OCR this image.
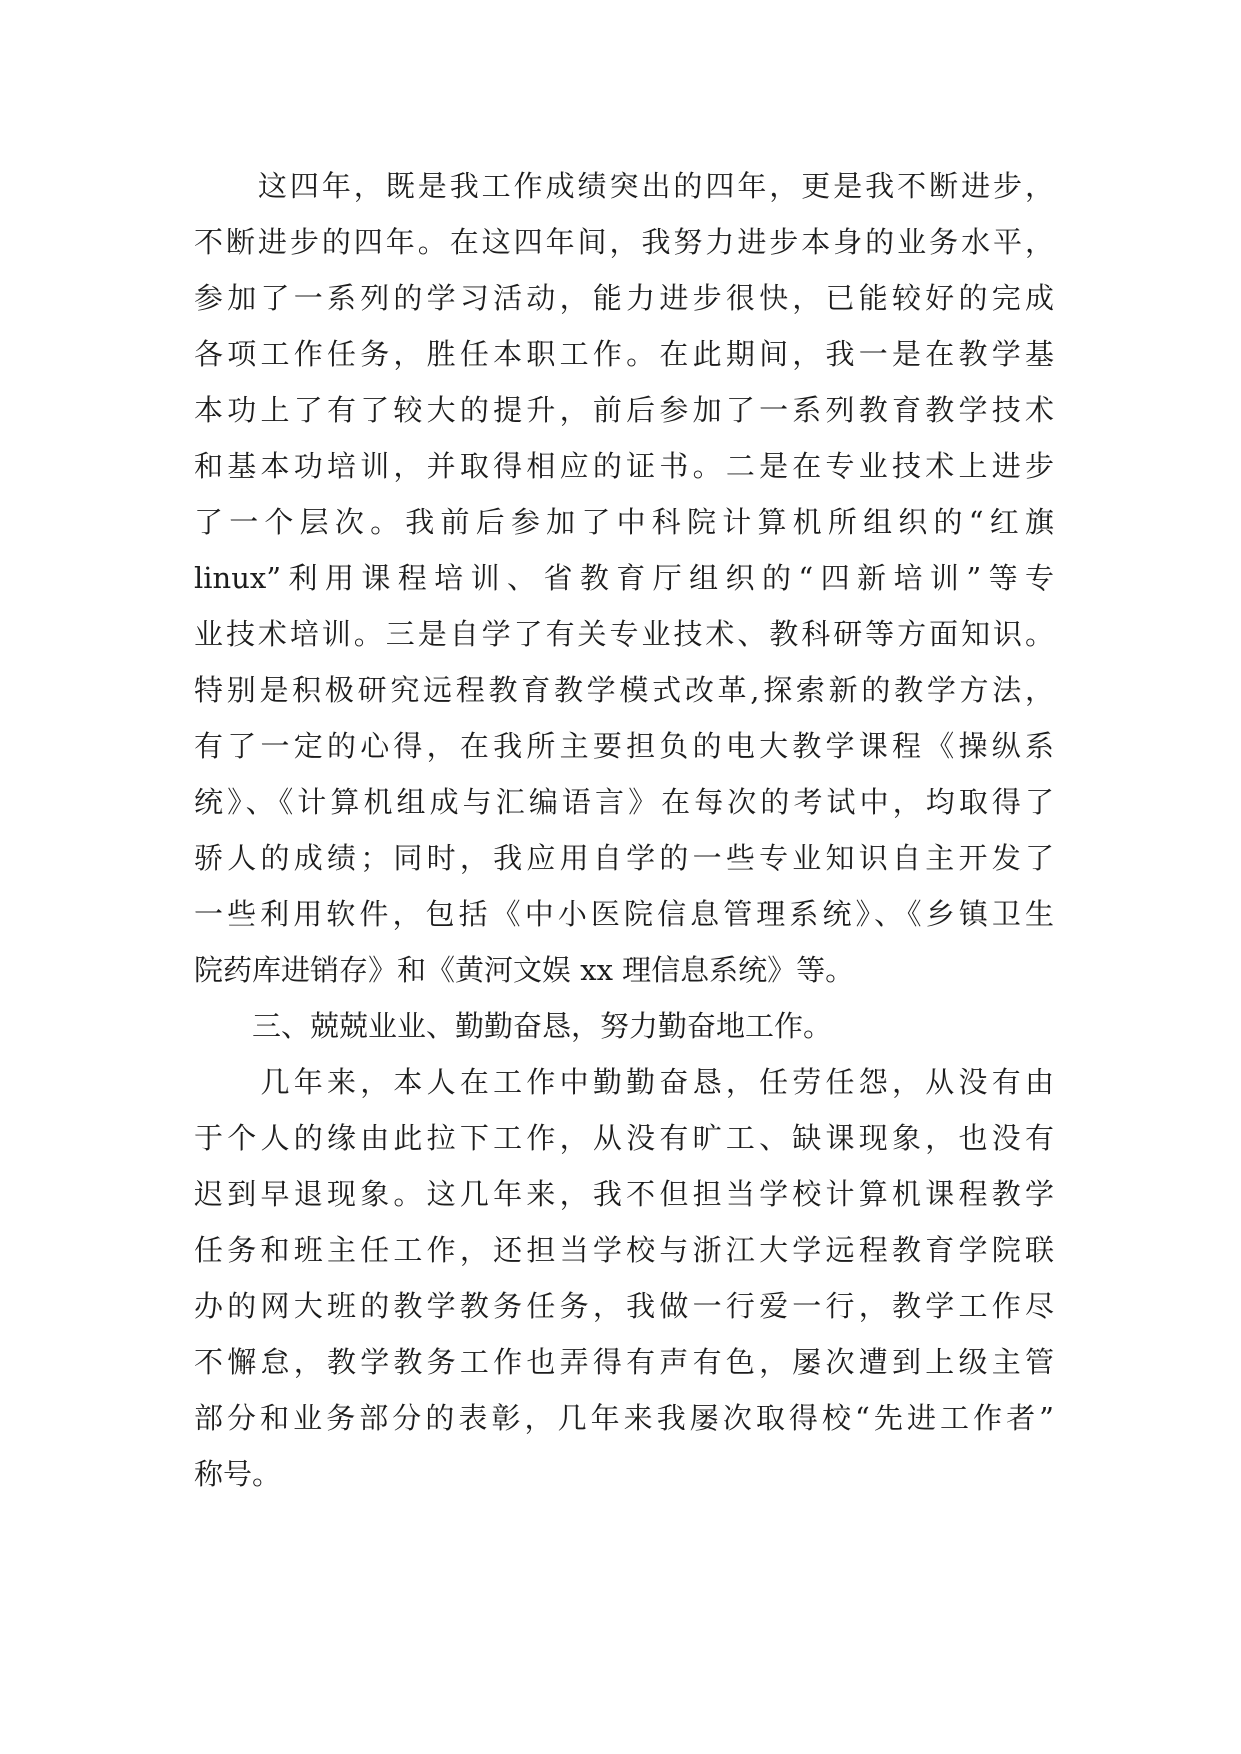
　　这四年，既是我工作成绩突出的四年，更是我不断进步，
不断进步的四年。在这四年间，我努力进步本身的业务水平，
参加了一系列的学习活动，能力进步很快，已能较好的完成
各项工作任务，胜任本职工作。在此期间，我一是在教学基
本功上了有了较大的提升，前后参加了一系列教育教学技术
和基本功培训，并取得相应的证书。二是在专业技术上进步
了一个层次。我前后参加了中科院计算机所组织的“红旗
linux”利用课程培训、省教育厅组织的“四新培训”等专
业技术培训。三是自学了有关专业技术、教科研等方面知识。
特别是积极研究远程教育教学模式改革,探索新的教学方法，
有了一定的心得，在我所主要担负的电大教学课程《操纵系
统》、《计算机组成与汇编语言》在每次的考试中，均取得了
骄人的成绩；同时，我应用自学的一些专业知识自主开发了
一些利用软件，包括《中小医院信息管理系统》、《乡镇卫生
院药库进销存》和《黄河文娱 xx 理信息系统》等。
　　三、兢兢业业、勤勤奋恳，努力勤奋地工作。
　　几年来，本人在工作中勤勤奋恳，任劳任怨，从没有由
于个人的缘由此拉下工作，从没有旷工、缺课现象，也没有
迟到早退现象。这几年来，我不但担当学校计算机课程教学
任务和班主任工作，还担当学校与浙江大学远程教育学院联
办的网大班的教学教务任务，我做一行爱一行，教学工作尽
不懈怠，教学教务工作也弄得有声有色，屡次遭到上级主管
部分和业务部分的表彰，几年来我屡次取得校“先进工作者”
称号。
